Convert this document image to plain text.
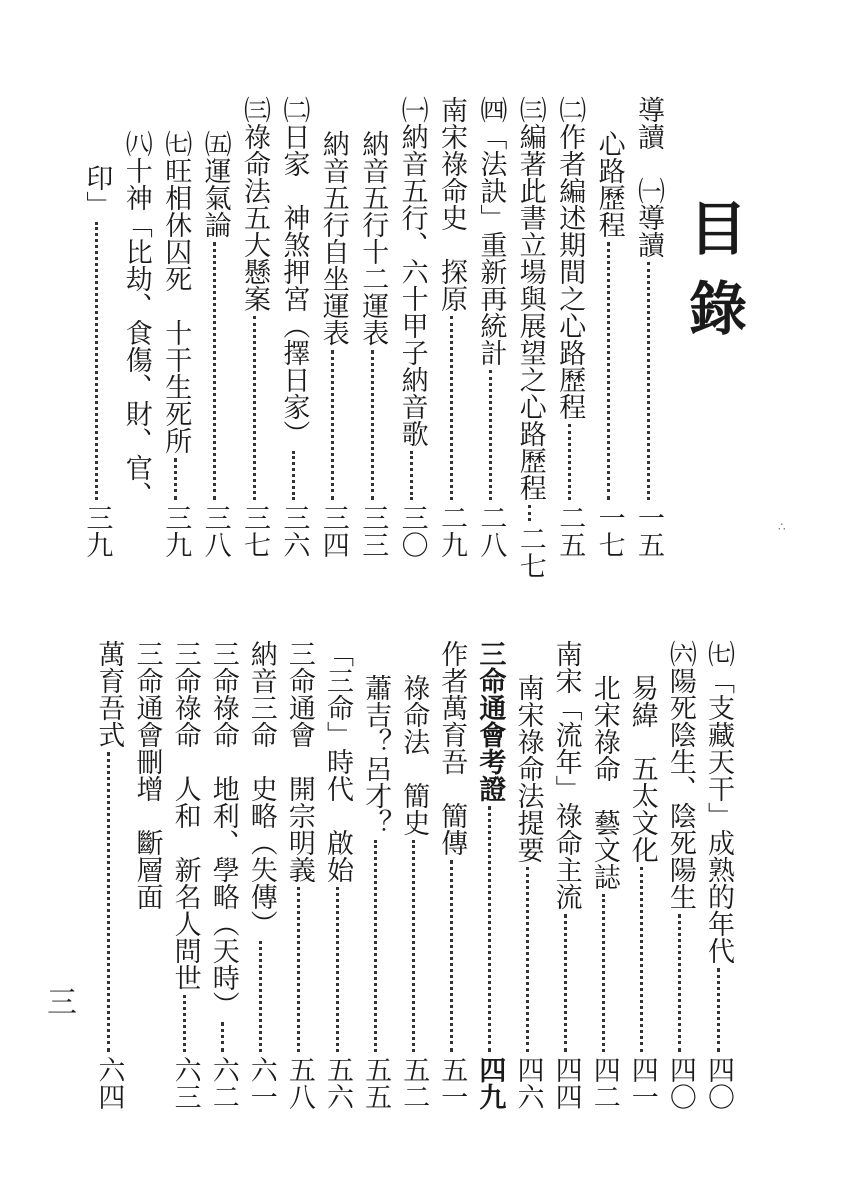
目錄
導讀　㈠導讀
一五
心路歷程
一七
㈡作者編述期間之心路歷程
二五
㈢編著此書立場與展望之心路歷程
二七
㈣「法訣」重新再統計
二八
南宋祿命史　探原
二九
㈠納音五行、六十甲子納音歌
三〇
納音五行十二運表
三三
納音五行自坐運表
三四
㈡日家　神煞押宮（擇日家）
三六
㈢祿命法五大懸案
三七
㈤運氣論
三八
㈦旺相休囚死　十干生死所
三九
㈧十神「比劫、食傷、財、官、
印」
三九
㈦「支藏天干」成熟的年代
四〇
㈥陽死陰生、陰死陽生
四〇
易緯　五太文化
四一
北宋祿命　藝文誌
四二
南宋「流年」祿命主流
四四
南宋祿命法提要
四六
三命通會考證
四九
作者萬育吾　簡傳
五一
祿命法　簡史
五二
蕭吉？呂才？
五五
「三命」時代　啟始
五六
三命通會　開宗明義
五八
納音三命　史略（失傳）
六一
三命祿命　地利、學略（天時）
六二
三命祿命　人和　新名人問世
六三
三命通會刪增　斷層面
萬育吾式
六四
三
∴
